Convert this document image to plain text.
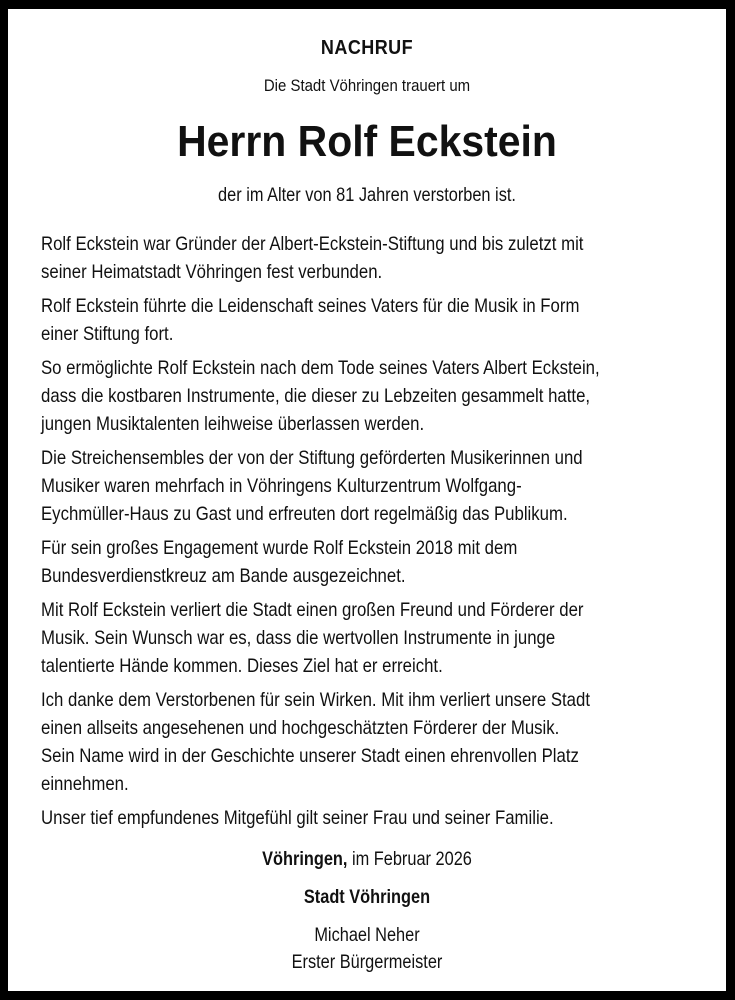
NACHRUF
Die Stadt Vöhringen trauert um
Herrn Rolf Eckstein
der im Alter von 81 Jahren verstorben ist.

Rolf Eckstein war Gründer der Albert-Eckstein-Stiftung und bis zuletzt mit
seiner Heimatstadt Vöhringen fest verbunden.

Rolf Eckstein führte die Leidenschaft seines Vaters für die Musik in Form
einer Stiftung fort.

So ermöglichte Rolf Eckstein nach dem Tode seines Vaters Albert Eckstein,
dass die kostbaren Instrumente, die dieser zu Lebzeiten gesammelt hatte,
jungen Musiktalenten leihweise überlassen werden.

Die Streichensembles der von der Stiftung geförderten Musikerinnen und
Musiker waren mehrfach in Vöhringens Kulturzentrum Wolfgang-
Eychmüller-Haus zu Gast und erfreuten dort regelmäßig das Publikum.

Für sein großes Engagement wurde Rolf Eckstein 2018 mit dem
Bundesverdienstkreuz am Bande ausgezeichnet.

Mit Rolf Eckstein verliert die Stadt einen großen Freund und Förderer der
Musik. Sein Wunsch war es, dass die wertvollen Instrumente in junge
talentierte Hände kommen. Dieses Ziel hat er erreicht.

Ich danke dem Verstorbenen für sein Wirken. Mit ihm verliert unsere Stadt
einen allseits angesehenen und hochgeschätzten Förderer der Musik.
Sein Name wird in der Geschichte unserer Stadt einen ehrenvollen Platz
einnehmen.

Unser tief empfundenes Mitgefühl gilt seiner Frau und seiner Familie.

Vöhringen, im Februar 2026
Stadt Vöhringen
Michael Neher
Erster Bürgermeister
